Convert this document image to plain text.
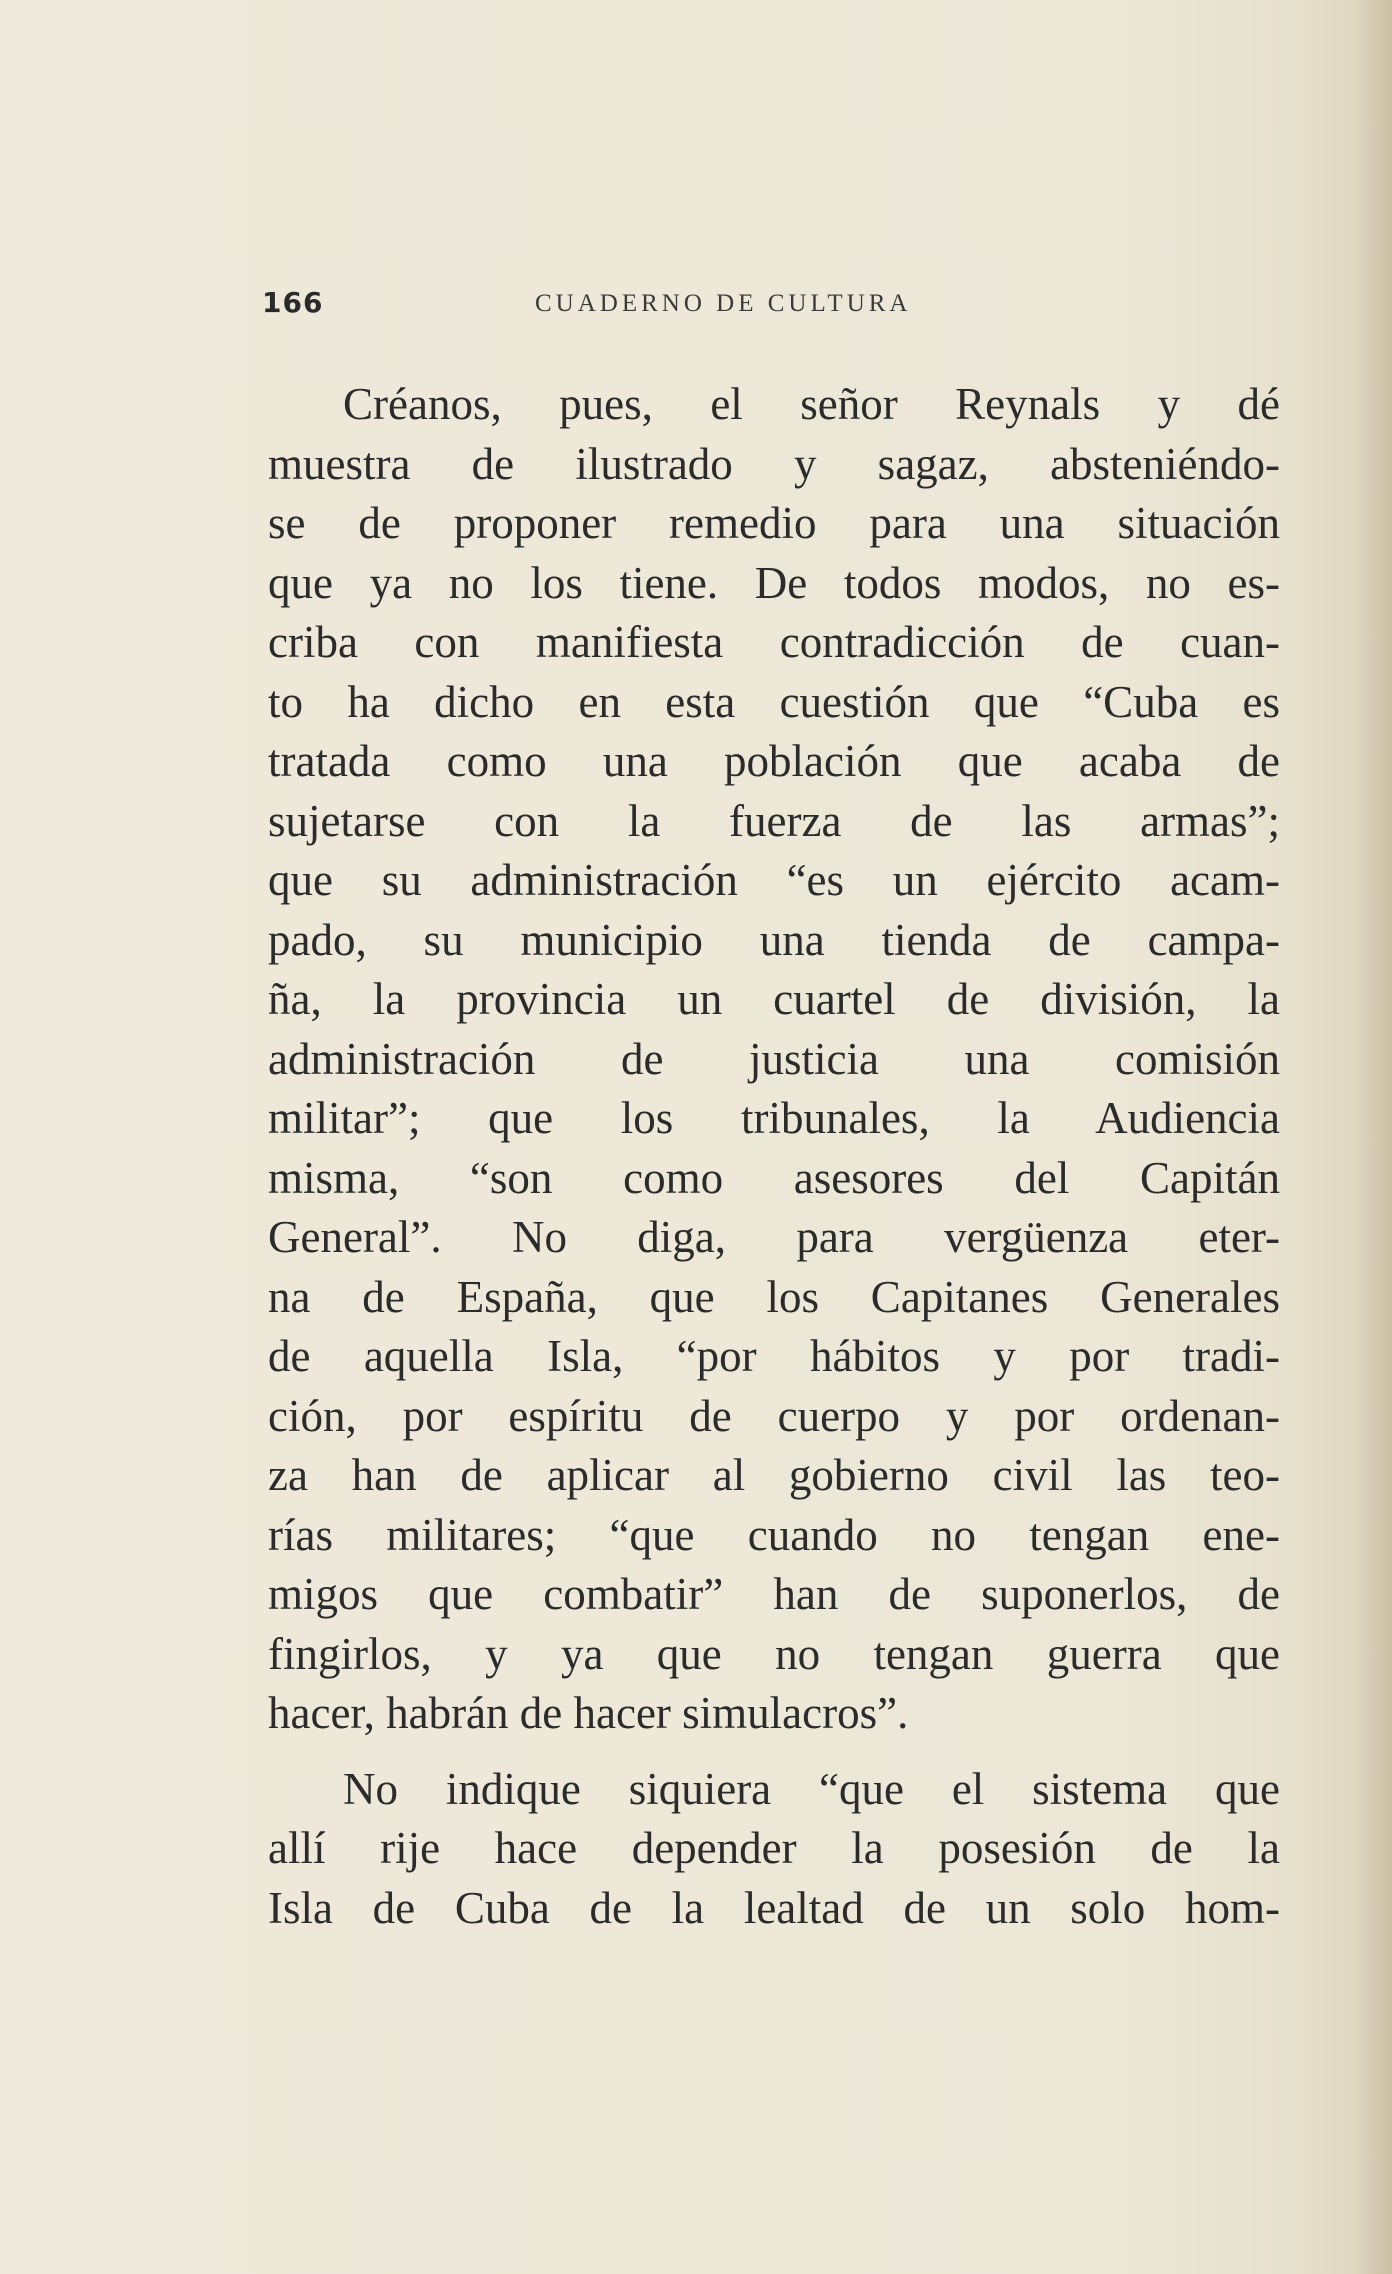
166	CUADERNO DE CULTURA
Créanos, pues, el señor Reynals y dé
muestra de ilustrado y sagaz, absteniéndo-
se de proponer remedio para una situación
que ya no los tiene. De todos modos, no es-
criba con manifiesta contradicción de cuan-
to ha dicho en esta cuestión que “Cuba es
tratada como una población que acaba de
sujetarse con la fuerza de las armas”;
que su administración “es un ejército acam-
pado, su municipio una tienda de campa-
ña, la provincia un cuartel de división, la
administración de justicia una comisión
militar”; que los tribunales, la Audiencia
misma, “son como asesores del Capitán
General”. No diga, para vergüenza eter-
na de España, que los Capitanes Generales
de aquella Isla, “por hábitos y por tradi-
ción, por espíritu de cuerpo y por ordenan-
za han de aplicar al gobierno civil las teo-
rías militares; “que cuando no tengan ene-
migos que combatir” han de suponerlos, de
fingirlos, y ya que no tengan guerra que
hacer, habrán de hacer simulacros”.
No indique siquiera “que el sistema que
allí rije hace depender la posesión de la
Isla de Cuba de la lealtad de un solo hom-
